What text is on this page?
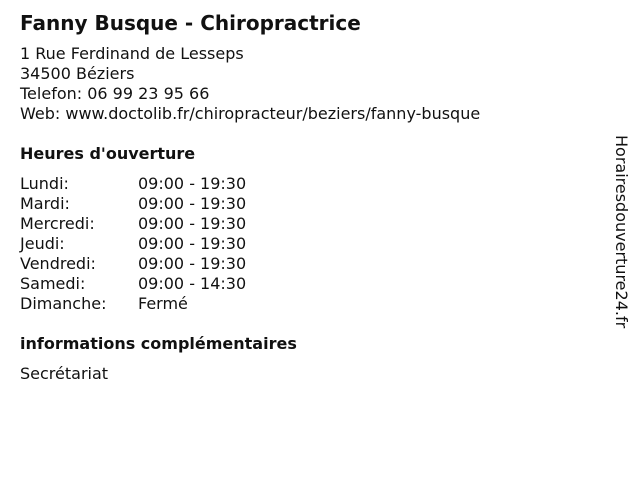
Fanny Busque - Chiropractrice
1 Rue Ferdinand de Lesseps
34500 Béziers
Telefon: 06 99 23 95 66
Web: www.doctolib.fr/chiropracteur/beziers/fanny-busque
Heures d'ouverture
Lundi:	09:00 - 19:30
Mardi:	09:00 - 19:30
Mercredi:	09:00 - 19:30
Jeudi:	09:00 - 19:30
Vendredi:	09:00 - 19:30
Samedi:	09:00 - 14:30
Dimanche:	Fermé
informations complémentaires
Secrétariat
Horairesdouverture24.fr
